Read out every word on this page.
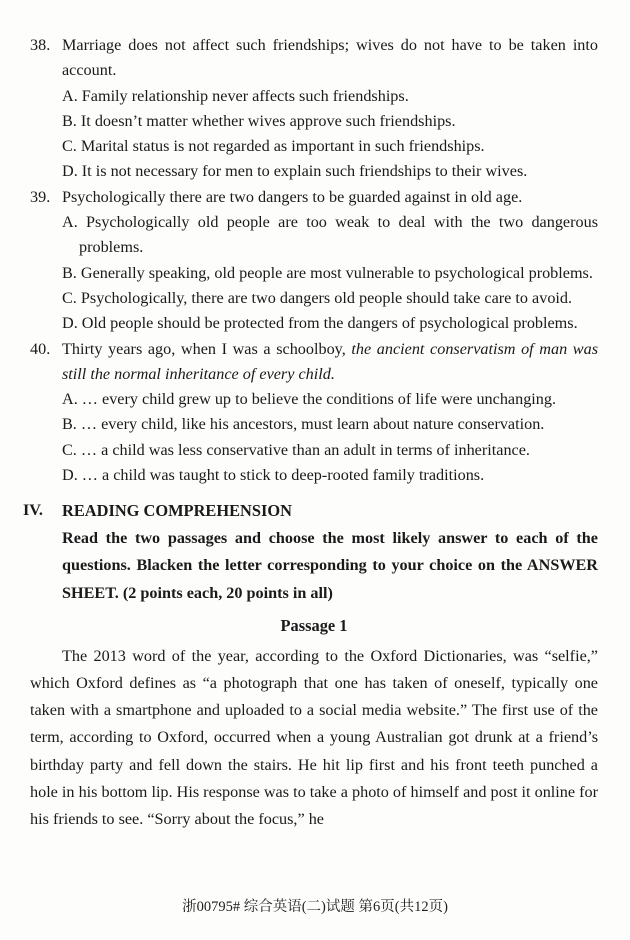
38. Marriage does not affect such friendships; wives do not have to be taken into account.

A. Family relationship never affects such friendships.

B. It doesn’t matter whether wives approve such friendships.

C. Marital status is not regarded as important in such friendships.

D. It is not necessary for men to explain such friendships to their wives.

39. Psychologically there are two dangers to be guarded against in old age.

A. Psychologically old people are too weak to deal with the two dangerous problems.

B. Generally speaking, old people are most vulnerable to psychological problems.

C. Psychologically, there are two dangers old people should take care to avoid.

D. Old people should be protected from the dangers of psychological problems.

40. Thirty years ago, when I was a schoolboy, the ancient conservatism of man was still the normal inheritance of every child.

A. … every child grew up to believe the conditions of life were unchanging.

B. … every child, like his ancestors, must learn about nature conservation.

C. … a child was less conservative than an adult in terms of inheritance.

D. … a child was taught to stick to deep-rooted family traditions.

IV.	READING COMPREHENSION

Read the two passages and choose the most likely answer to each of the questions. Blacken the letter corresponding to your choice on the ANSWER SHEET. (2 points each, 20 points in all)

Passage 1

The 2013 word of the year, according to the Oxford Dictionaries, was “selfie,” which Oxford defines as “a photograph that one has taken of oneself, typically one taken with a smartphone and uploaded to a social media website.” The first use of the term, according to Oxford, occurred when a young Australian got drunk at a friend’s birthday party and fell down the stairs. He hit lip first and his front teeth punched a hole in his bottom lip. His response was to take a photo of himself and post it online for his friends to see. “Sorry about the focus,” he

浙00795# 综合英语(二)试题 第6页(共12页)
